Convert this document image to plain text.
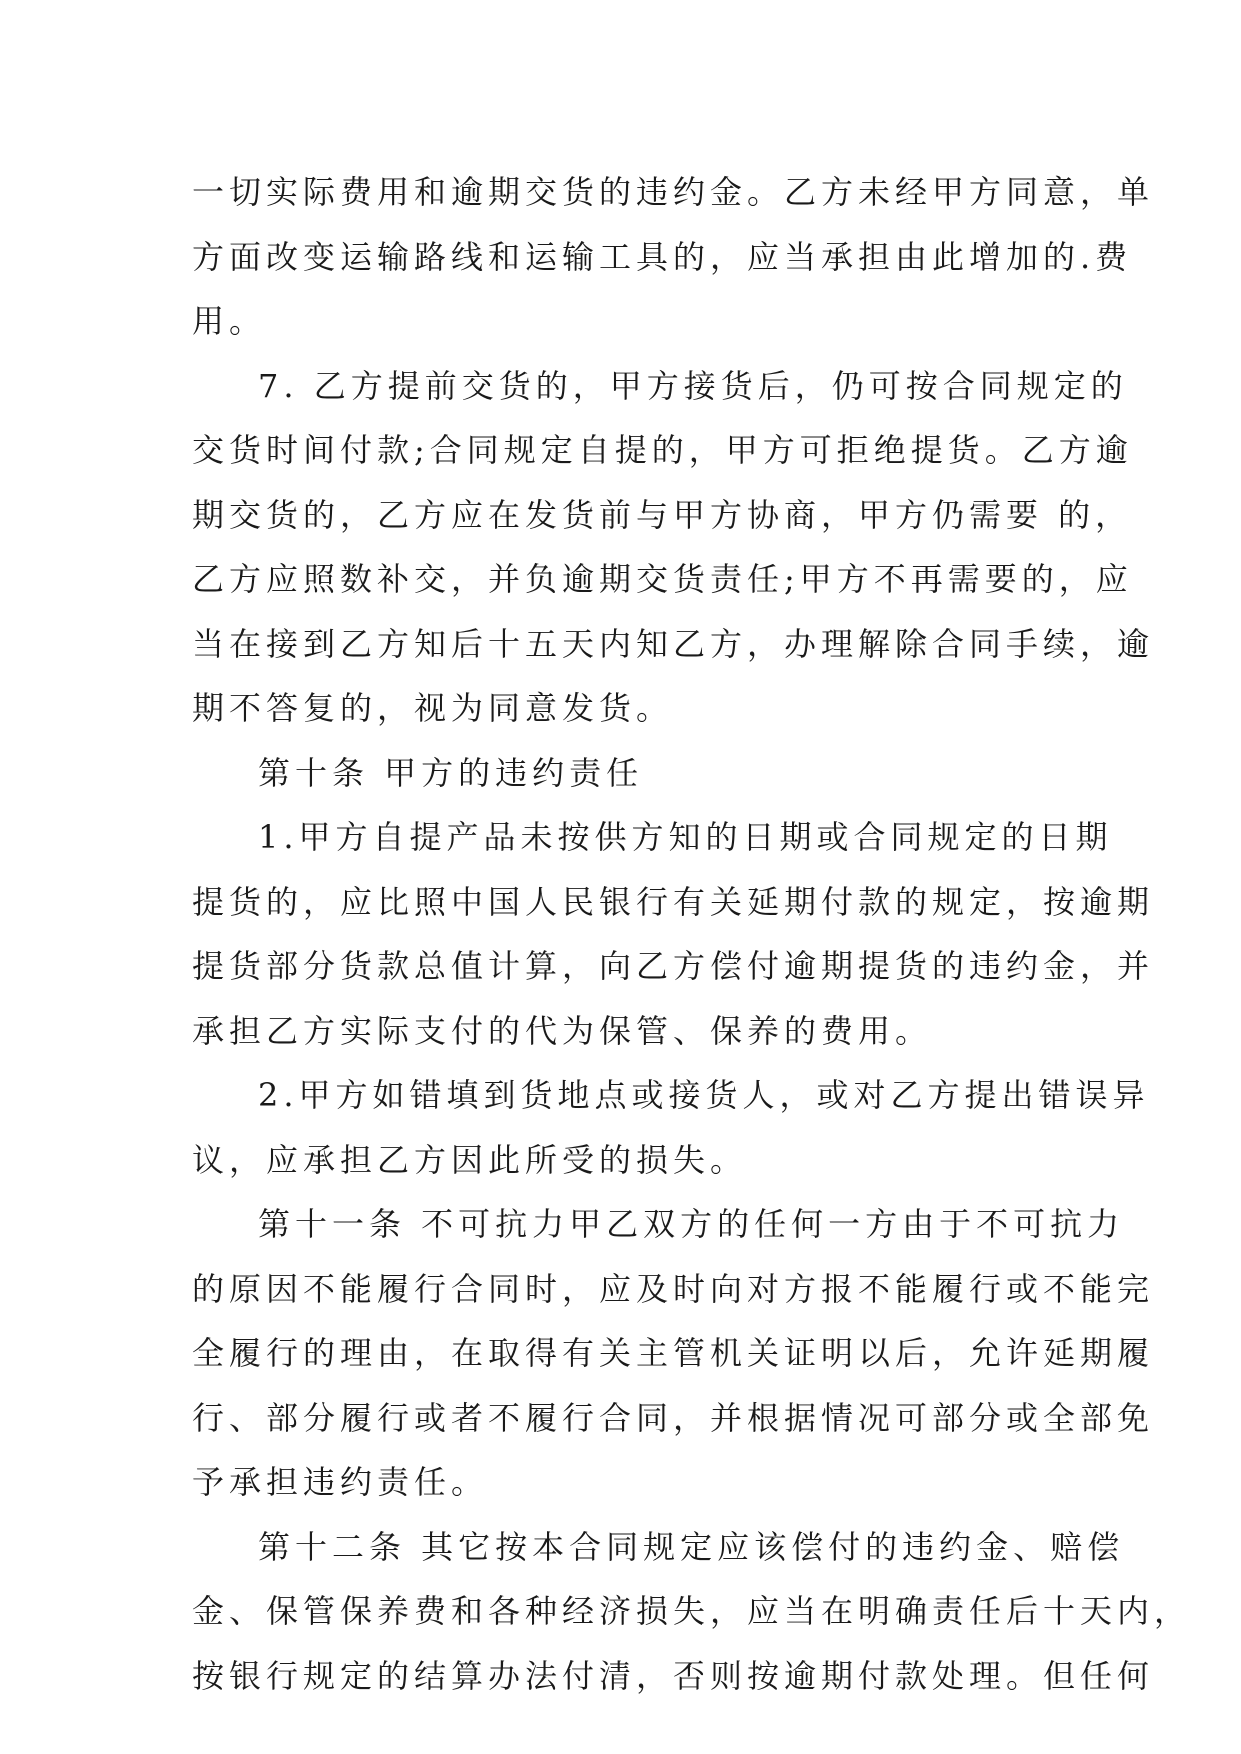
一切实际费用和逾期交货的违约金。乙方未经甲方同意，单
方面改变运输路线和运输工具的，应当承担由此增加的.费
用。
7. 乙方提前交货的，甲方接货后，仍可按合同规定的
交货时间付款;合同规定自提的，甲方可拒绝提货。乙方逾
期交货的，乙方应在发货前与甲方协商，甲方仍需要 的，
乙方应照数补交，并负逾期交货责任;甲方不再需要的，应
当在接到乙方知后十五天内知乙方，办理解除合同手续，逾
期不答复的，视为同意发货。
第十条 甲方的违约责任
1.甲方自提产品未按供方知的日期或合同规定的日期
提货的，应比照中国人民银行有关延期付款的规定，按逾期
提货部分货款总值计算，向乙方偿付逾期提货的违约金，并
承担乙方实际支付的代为保管、保养的费用。
2.甲方如错填到货地点或接货人，或对乙方提出错误异
议，应承担乙方因此所受的损失。
第十一条 不可抗力甲乙双方的任何一方由于不可抗力
的原因不能履行合同时，应及时向对方报不能履行或不能完
全履行的理由，在取得有关主管机关证明以后，允许延期履
行、部分履行或者不履行合同，并根据情况可部分或全部免
予承担违约责任。
第十二条 其它按本合同规定应该偿付的违约金、赔偿
金、保管保养费和各种经济损失，应当在明确责任后十天内，
按银行规定的结算办法付清，否则按逾期付款处理。但任何
